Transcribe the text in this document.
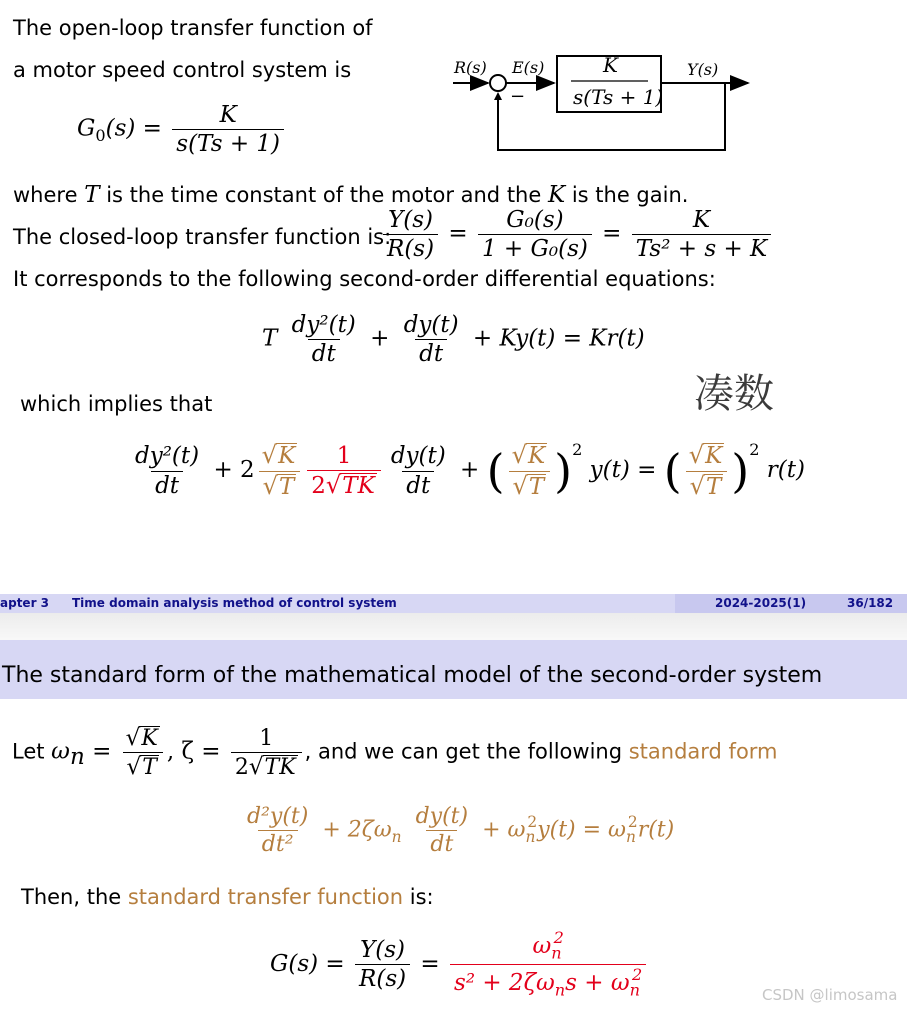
The open-loop transfer function of
a motor speed control system is
$G_0(s) = \frac{K}{s(Ts + 1)}$
R(s) E(s)	Y(s)
−
K
s(Ts + 1)
where T is the time constant of the motor and the K is the gain.
The closed-loop transfer function is:
$\frac{Y(s)}{R(s)} = \frac{\text{G₀(s)}}{\text{1 + G₀(s)}} = \frac{K}{\text{Ts² + s + K}}$
It corresponds to the following second-order differential equations:
T $\frac{\text{dy²(t)}}{dt} + \frac{dy(t)}{dt} + Ky(t) = Kr(t)$
which implies that	凑数
$\frac{\text{dy²(t)}}{dt} + 2 \frac{√K}{√T} \frac{1}{2√TK} \frac{dy(t)}{dt}$ + ( $\frac{√K}{√T} )^2$ y(t) = ( $\frac{√K}{√T} )^2$ r(t)
apter 3 Time domain analysis method of control system	2024-2025(1)	36/182
The standard form of the mathematical model of the second-order system
Let $\omega_n = \frac{√K}{√T}$ , $\zeta = \frac{1}{2√TK}$ , and we can get the following standard form
$\frac{\text{d²y(t)}}{\text{dt²}} + 2\zeta\omega_n \frac{dy(t)}{dt} + \omega_n^2y(t) = \omega_n^2r(t)$
Then, the standard transfer function is:
$G(s) = \frac{Y(s)}{R(s)} = \frac{\omega_n^2}{s^2 + 2\zeta\omega_ns + \omega_n^2}$	CSDN @limosama
